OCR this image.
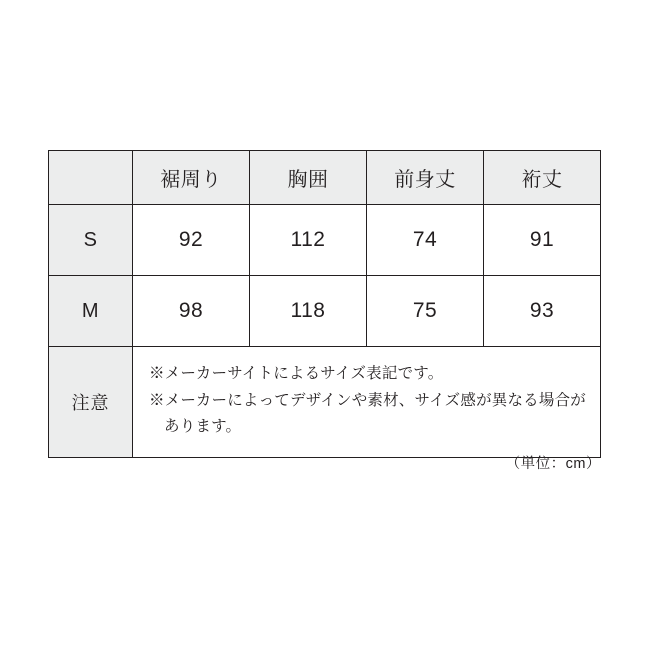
	裾周り	胸囲	前身丈	裄丈
S	92	112	74	91
M	98	118	75	93
注意	※メーカーサイトによるサイズ表記です。
※メーカーによってデザインや素材、サイズ感が異なる場合が
あります。			
（単位：cm）
